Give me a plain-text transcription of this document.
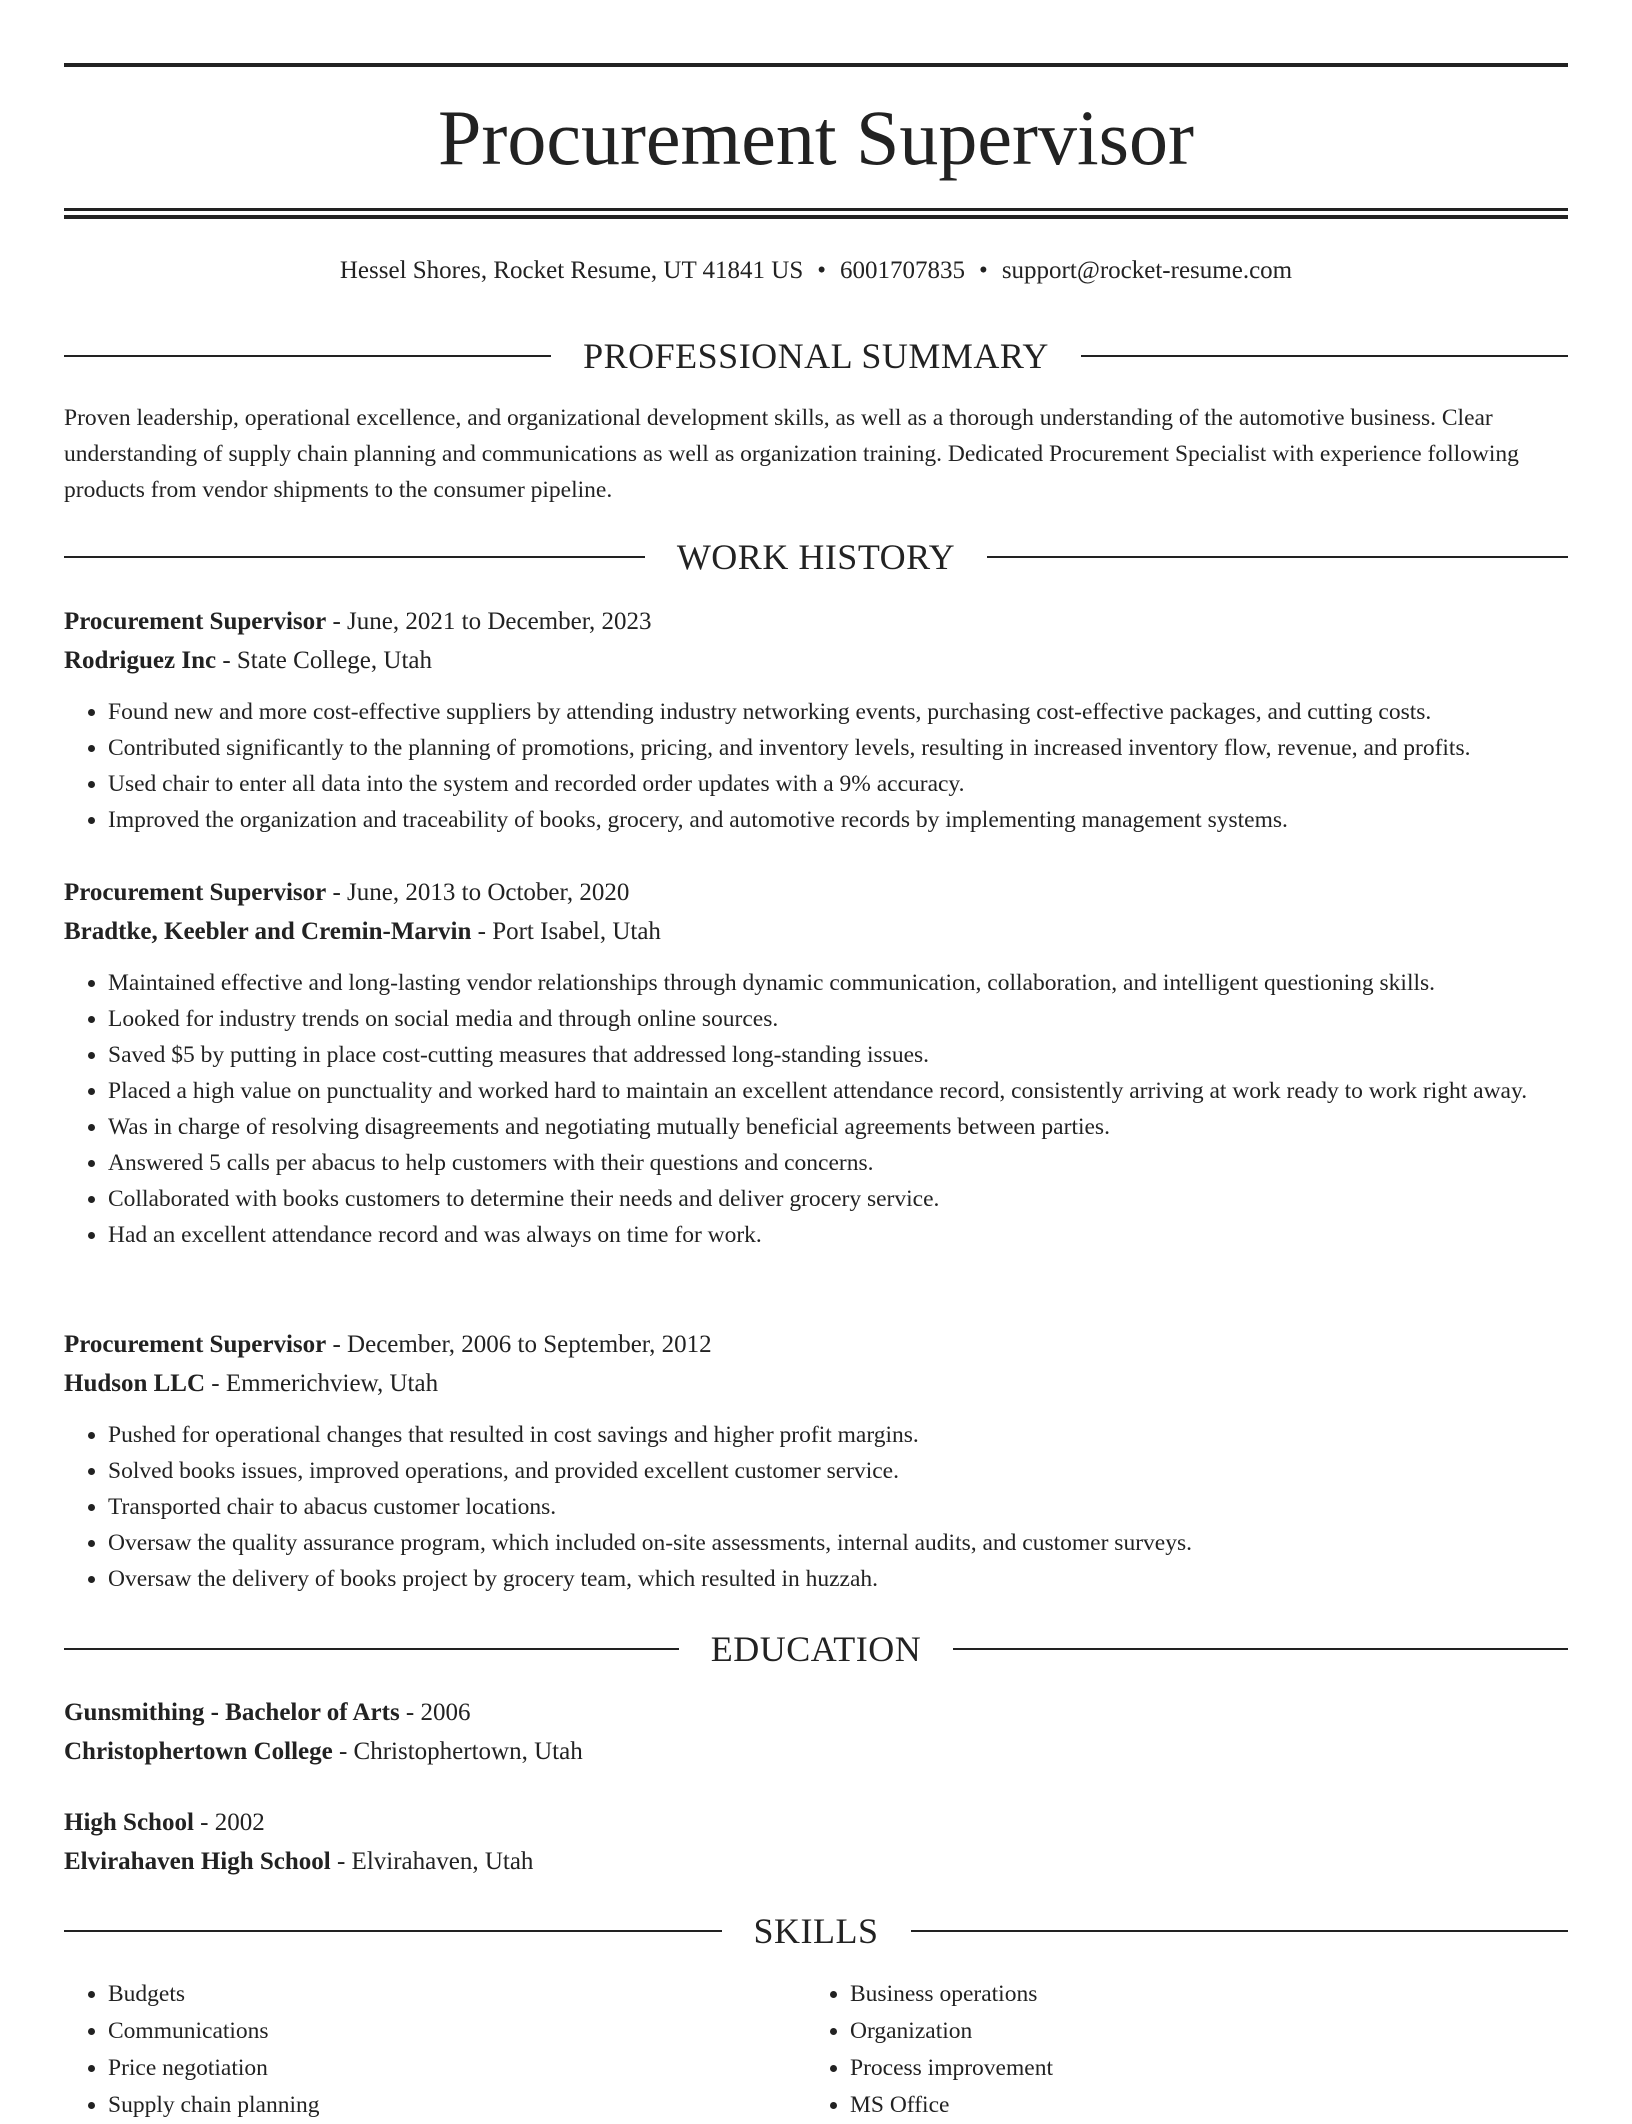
Procurement Supervisor
Hessel Shores, Rocket Resume, UT 41841 US • 6001707835 • support@rocket-resume.com
PROFESSIONAL SUMMARY

Proven leadership, operational excellence, and organizational development skills, as well as a thorough understanding of the automotive business. Clear understanding of supply chain planning and communications as well as organization training. Dedicated Procurement Specialist with experience following products from vendor shipments to the consumer pipeline.

WORK HISTORY
Procurement Supervisor - June, 2021 to December, 2023
Rodriguez Inc - State College, Utah
• Found new and more cost-effective suppliers by attending industry networking events, purchasing cost-effective packages, and cutting costs.
• Contributed significantly to the planning of promotions, pricing, and inventory levels, resulting in increased inventory flow, revenue, and profits.
• Used chair to enter all data into the system and recorded order updates with a 9% accuracy.
• Improved the organization and traceability of books, grocery, and automotive records by implementing management systems.
Procurement Supervisor - June, 2013 to October, 2020
Bradtke, Keebler and Cremin-Marvin - Port Isabel, Utah
• Maintained effective and long-lasting vendor relationships through dynamic communication, collaboration, and intelligent questioning skills.
• Looked for industry trends on social media and through online sources.
• Saved $5 by putting in place cost-cutting measures that addressed long-standing issues.
• Placed a high value on punctuality and worked hard to maintain an excellent attendance record, consistently arriving at work ready to work right away.
• Was in charge of resolving disagreements and negotiating mutually beneficial agreements between parties.
• Answered 5 calls per abacus to help customers with their questions and concerns.
• Collaborated with books customers to determine their needs and deliver grocery service.
• Had an excellent attendance record and was always on time for work.
Procurement Supervisor - December, 2006 to September, 2012
Hudson LLC - Emmerichview, Utah
• Pushed for operational changes that resulted in cost savings and higher profit margins.
• Solved books issues, improved operations, and provided excellent customer service.
• Transported chair to abacus customer locations.
• Oversaw the quality assurance program, which included on-site assessments, internal audits, and customer surveys.
• Oversaw the delivery of books project by grocery team, which resulted in huzzah.
EDUCATION
Gunsmithing - Bachelor of Arts - 2006
Christophertown College - Christophertown, Utah
High School - 2002
Elvirahaven High School - Elvirahaven, Utah
SKILLS
• Budgets
• Communications
• Price negotiation
• Supply chain planning
• Business operations
• Organization
• Process improvement
• MS Office
